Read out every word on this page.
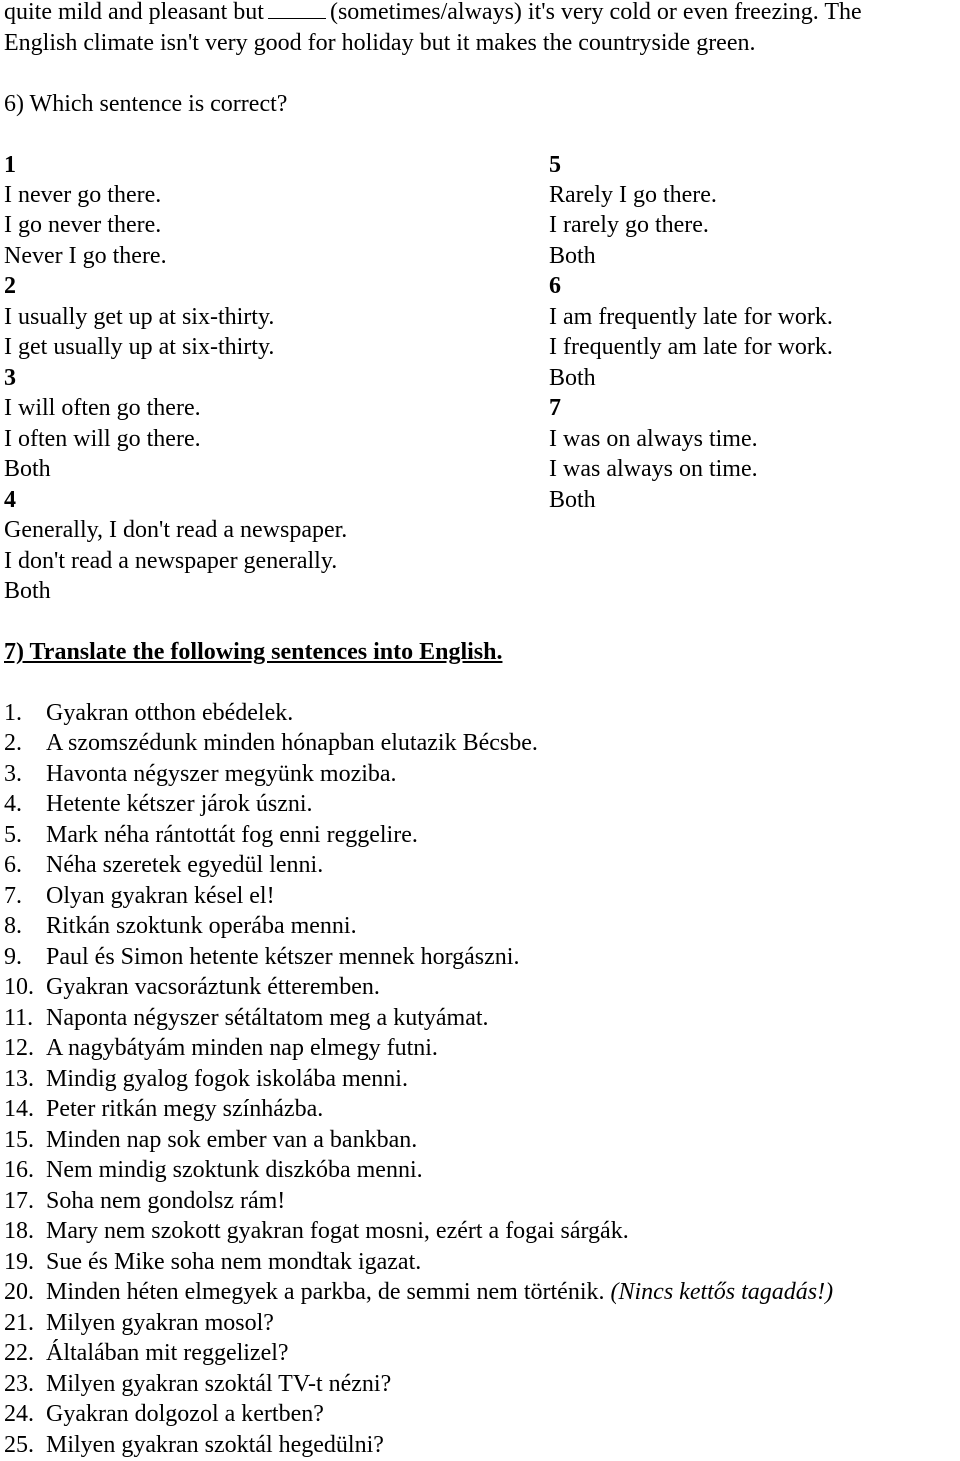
quite mild and pleasant but	(sometimes/always) it's very cold or even freezing. The
English climate isn't very good for holiday but it makes the countryside green.
6) Which sentence is correct?
1
I never go there.
I go never there.
Never I go there.
2
I usually get up at six-thirty.
I get usually up at six-thirty.
3
I will often go there.
I often will go there.
Both
4
Generally, I don't read a newspaper.
I don't read a newspaper generally.
Both
5
Rarely I go there.
I rarely go there.
Both
6
I am frequently late for work.
I frequently am late for work.
Both
7
I was on always time.
I was always on time.
Both
7) Translate the following sentences into English.
1. Gyakran otthon ebédelek.
2. A szomszédunk minden hónapban elutazik Bécsbe.
3. Havonta négyszer megyünk moziba.
4. Hetente kétszer járok úszni.
5. Mark néha rántottát fog enni reggelire.
6. Néha szeretek egyedül lenni.
7. Olyan gyakran késel el!
8. Ritkán szoktunk operába menni.
9. Paul és Simon hetente kétszer mennek horgászni.
10. Gyakran vacsoráztunk étteremben.
11. Naponta négyszer sétáltatom meg a kutyámat.
12. A nagybátyám minden nap elmegy futni.
13. Mindig gyalog fogok iskolába menni.
14. Peter ritkán megy színházba.
15. Minden nap sok ember van a bankban.
16. Nem mindig szoktunk diszkóba menni.
17. Soha nem gondolsz rám!
18. Mary nem szokott gyakran fogat mosni, ezért a fogai sárgák.
19. Sue és Mike soha nem mondtak igazat.
20. Minden héten elmegyek a parkba, de semmi nem történik. (Nincs kettős tagadás!)
21. Milyen gyakran mosol?
22. Általában mit reggelizel?
23. Milyen gyakran szoktál TV-t nézni?
24. Gyakran dolgozol a kertben?
25. Milyen gyakran szoktál hegedülni?
